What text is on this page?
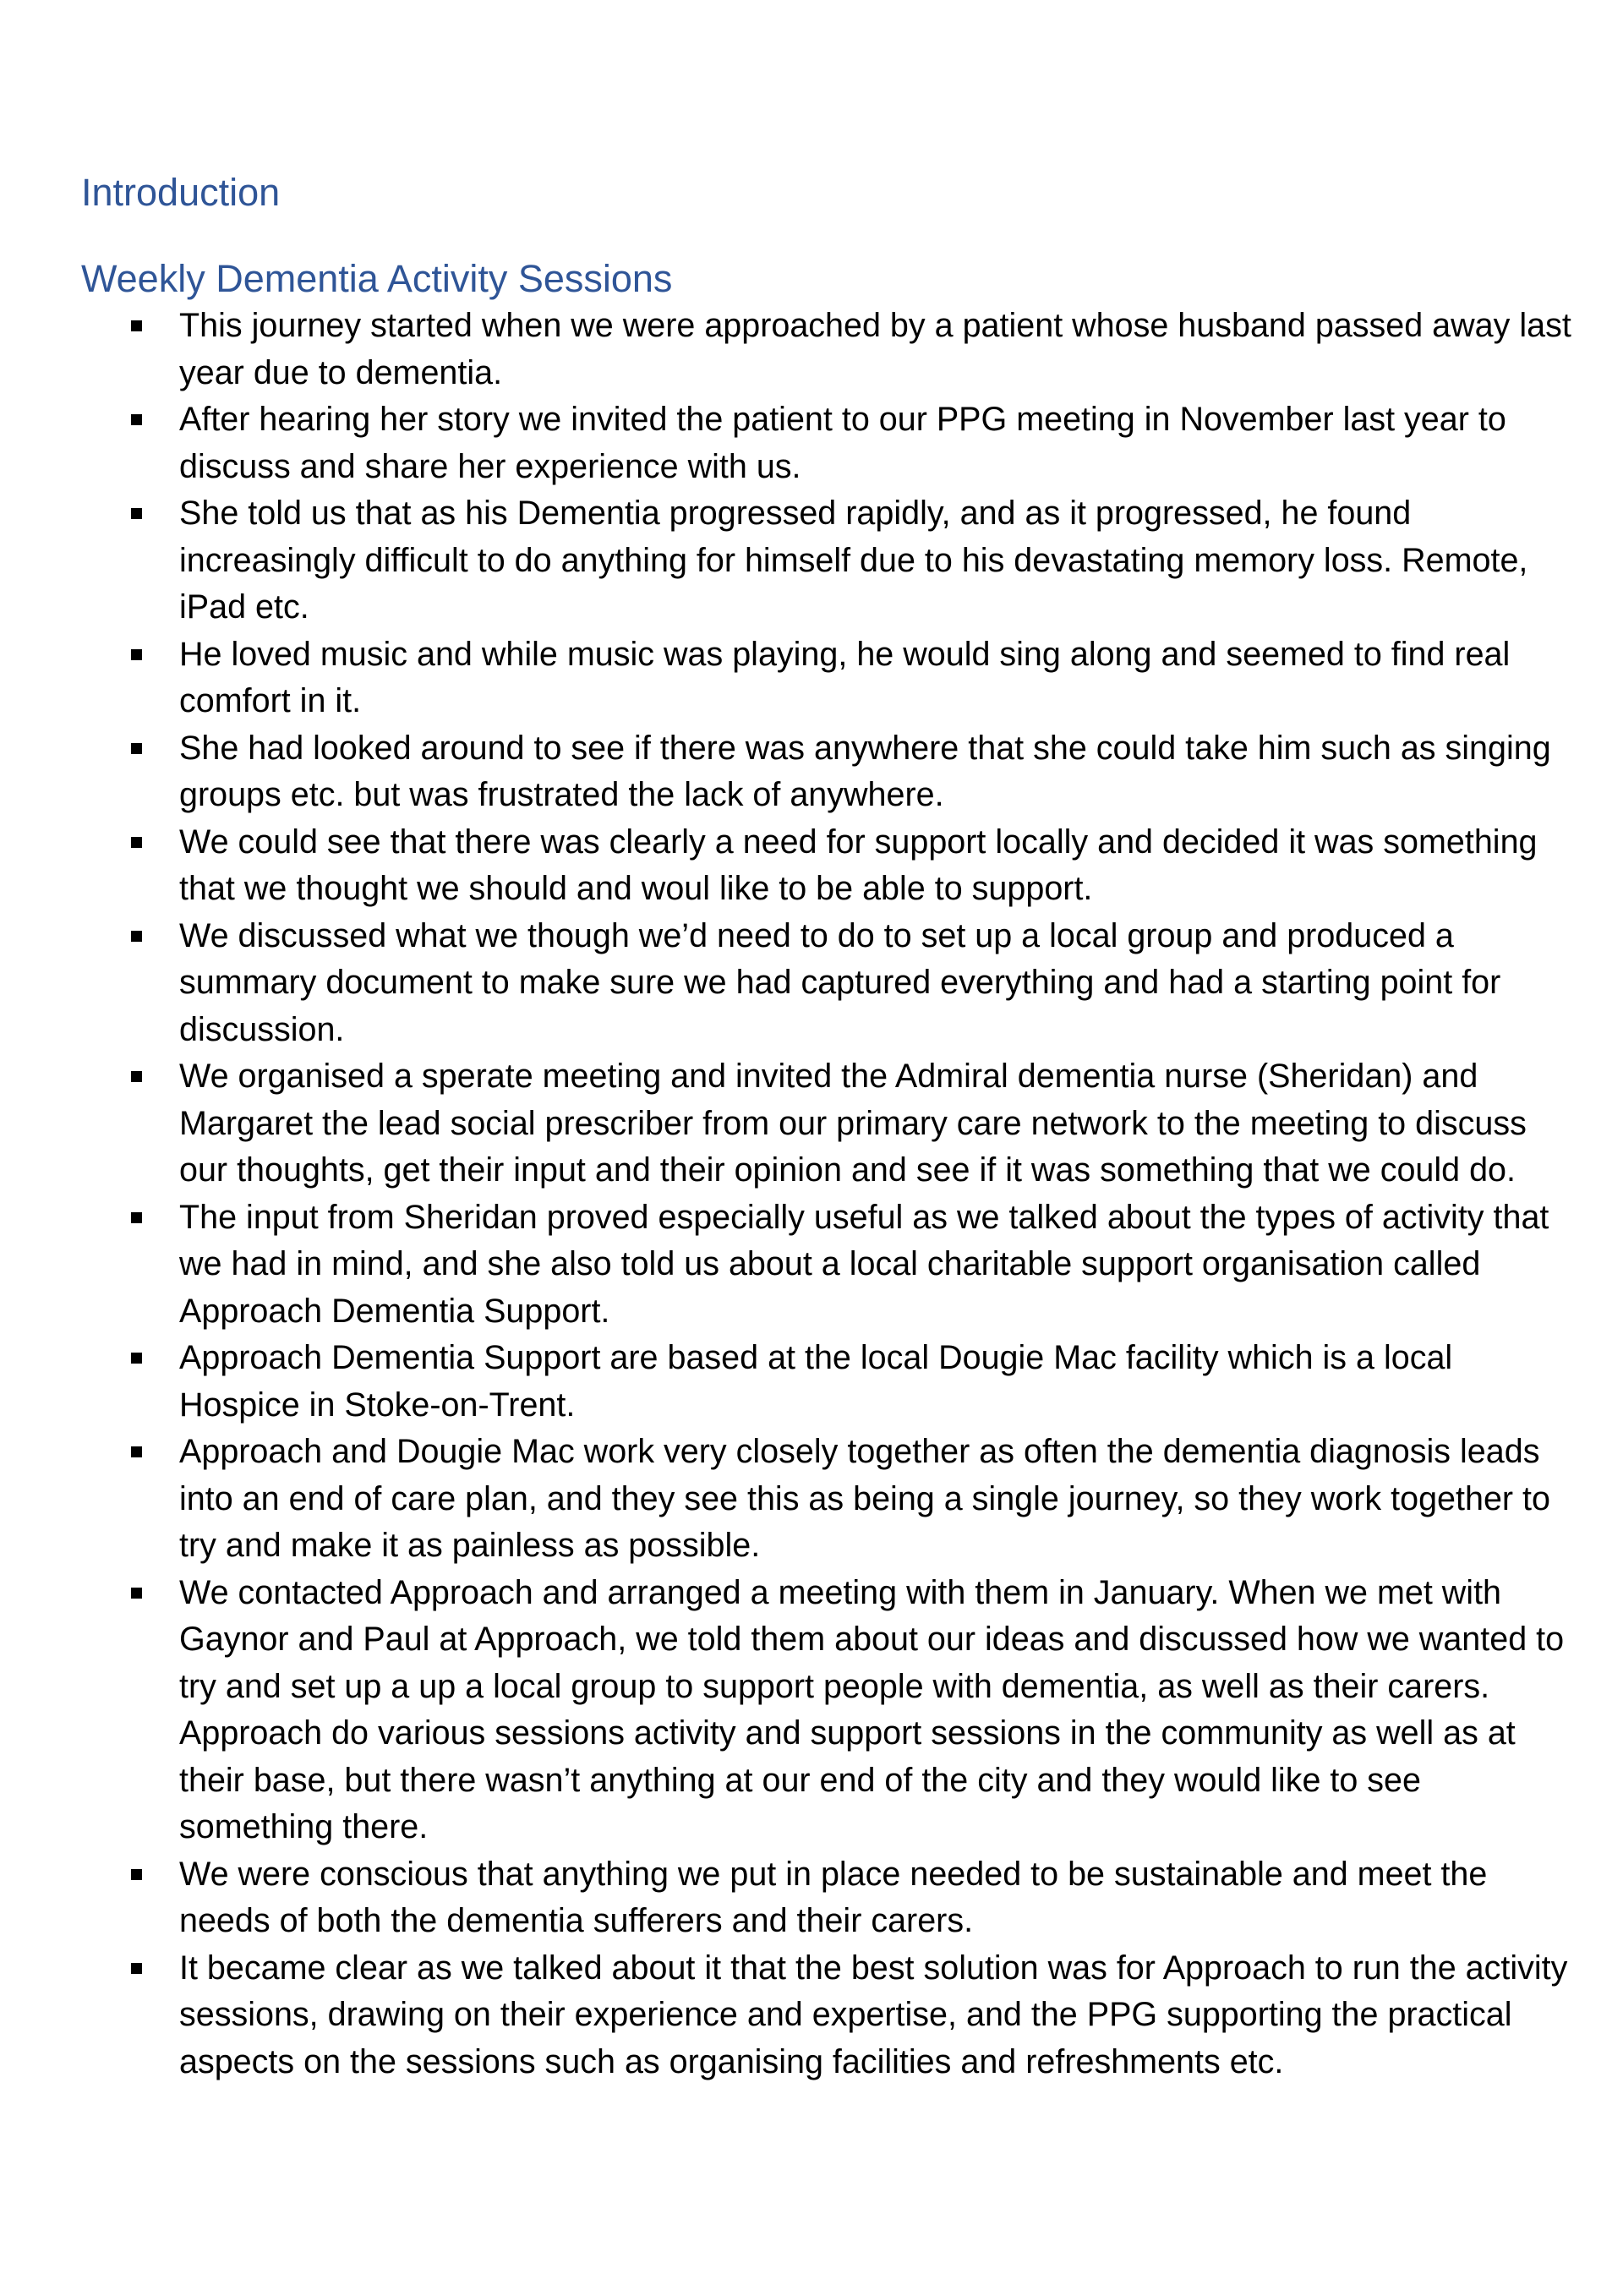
Introduction
Weekly Dementia Activity Sessions
This journey started when we were approached by a patient whose husband passed away last year due to dementia.
After hearing her story we invited the patient to our PPG meeting in November last year to discuss and share her experience with us.
She told us that as his Dementia progressed rapidly, and as it progressed, he found increasingly difficult to do anything for himself due to his devastating memory loss. Remote, iPad etc.
He loved music and while music was playing, he would sing along and seemed to find real comfort in it.
She had looked around to see if there was anywhere that she could take him such as singing groups etc. but was frustrated the lack of anywhere.
We could see that there was clearly a need for support locally and decided it was something that we thought we should and woul like to be able to support.
We discussed what we though we’d need to do to set up a local group and produced a summary document to make sure we had captured everything and had a starting point for discussion.
We organised a sperate meeting and invited the Admiral dementia nurse (Sheridan) and Margaret the lead social prescriber from our primary care network to the meeting to discuss our thoughts, get their input and their opinion and see if it was something that we could do.
The input from Sheridan proved especially useful as we talked about the types of activity that we had in mind, and she also told us about a local charitable support organisation called Approach Dementia Support.
Approach Dementia Support are based at the local Dougie Mac facility which is a local Hospice in Stoke-on-Trent.
Approach and Dougie Mac work very closely together as often the dementia diagnosis leads into an end of care plan, and they see this as being a single journey, so they work together to try and make it as painless as possible.
We contacted Approach and arranged a meeting with them in January. When we met with Gaynor and Paul at Approach, we told them about our ideas and discussed how we wanted to try and set up a up a local group to support people with dementia, as well as their carers. Approach do various sessions activity and support sessions in the community as well as at their base, but there wasn’t anything at our end of the city and they would like to see something there.
We were conscious that anything we put in place needed to be sustainable and meet the needs of both the dementia sufferers and their carers.
It became clear as we talked about it that the best solution was for Approach to run the activity sessions, drawing on their experience and expertise, and the PPG supporting the practical aspects on the sessions such as organising facilities and refreshments etc.
